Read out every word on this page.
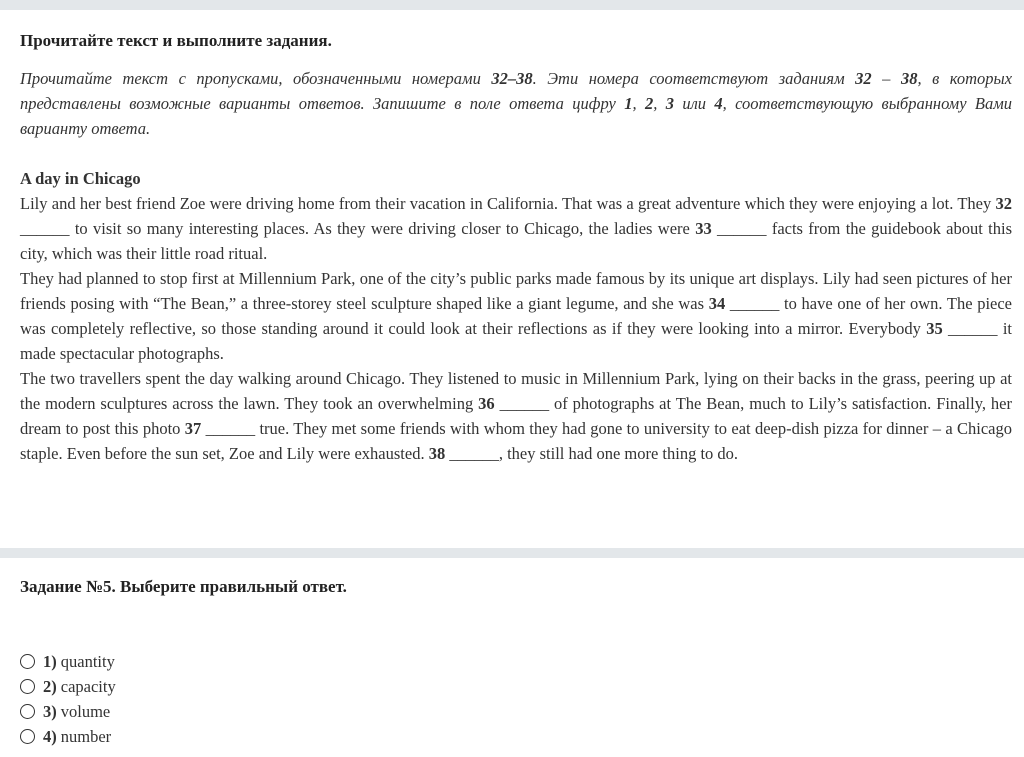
Прочитайте текст и выполните задания.

Прочитайте текст с пропусками, обозначенными номерами 32–38. Эти номера соответствуют заданиям 32 – 38, в которых представлены возможные варианты ответов. Запишите в поле ответа цифру 1, 2, 3 или 4, соответствующую выбранному Вами варианту ответа.

A day in Chicago

Lily and her best friend Zoe were driving home from their vacation in California. That was a great adventure which they were enjoying a lot. They 32 ______ to visit so many interesting places. As they were driving closer to Chicago, the ladies were 33 ______ facts from the guidebook about this city, which was their little road ritual.

They had planned to stop first at Millennium Park, one of the city’s public parks made famous by its unique art displays. Lily had seen pictures of her friends posing with “The Bean,” a three-storey steel sculpture shaped like a giant legume, and she was 34 ______ to have one of her own. The piece was completely reflective, so those standing around it could look at their reflections as if they were looking into a mirror. Everybody 35 ______ it made spectacular photographs.

The two travellers spent the day walking around Chicago. They listened to music in Millennium Park, lying on their backs in the grass, peering up at the modern sculptures across the lawn. They took an overwhelming 36 ______ of photographs at The Bean, much to Lily’s satisfaction. Finally, her dream to post this photo 37 ______ true. They met some friends with whom they had gone to university to eat deep-dish pizza for dinner – a Chicago staple. Even before the sun set, Zoe and Lily were exhausted. 38 ______, they still had one more thing to do.

Задание №5. Выберите правильный ответ.

1) quantity
2) capacity
3) volume
4) number
